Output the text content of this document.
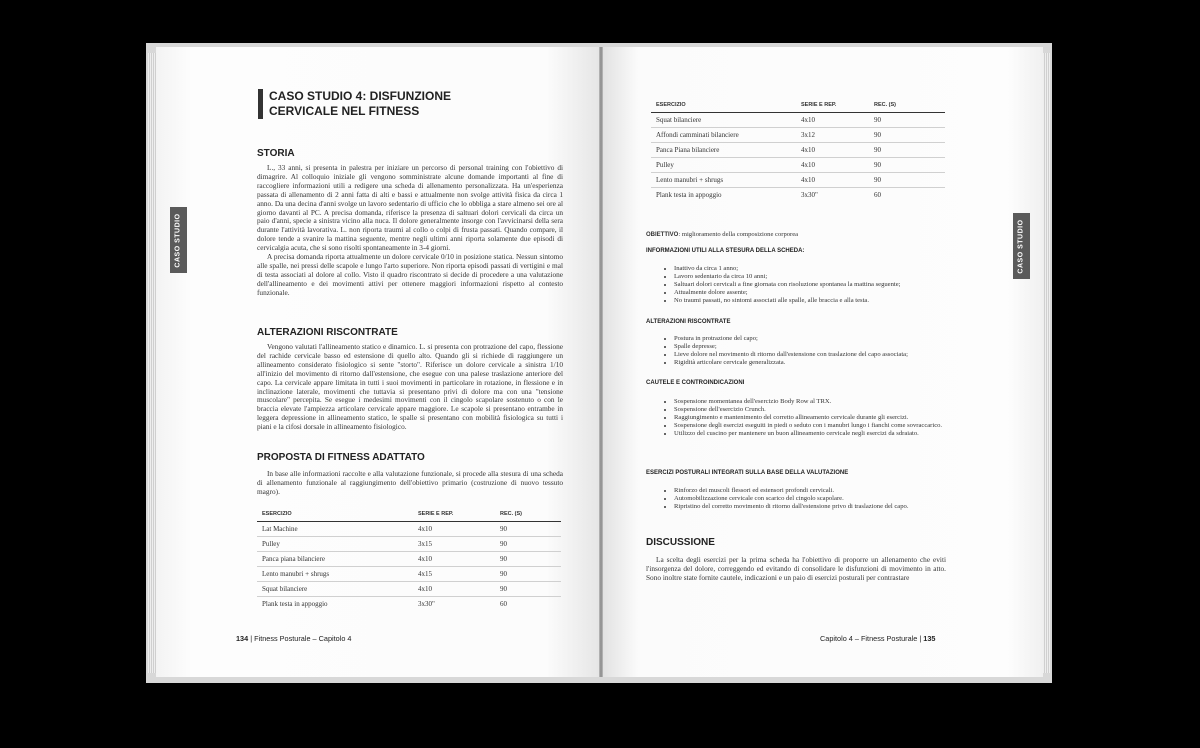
CASO STUDIO
CASO STUDIO 4: DISFUNZIONE
CERVICALE NEL FITNESS
STORIA

L., 33 anni, si presenta in palestra per iniziare un percorso di personal training con l'obiettivo di dimagrire. Al colloquio iniziale gli vengono somministrate alcune domande importanti al fine di raccogliere informazioni utili a redigere una scheda di allenamento personalizzata. Ha un'esperienza passata di allenamento di 2 anni fatta di alti e bassi e attualmente non svolge attività fisica da circa 1 anno. Da una decina d'anni svolge un lavoro sedentario di ufficio che lo obbliga a stare almeno sei ore al giorno davanti al PC. A precisa domanda, riferisce la presenza di saltuari dolori cervicali da circa un paio d'anni, specie a sinistra vicino alla nuca. Il dolore generalmente insorge con l'avvicinarsi della sera durante l'attività lavorativa. L. non riporta traumi al collo o colpi di frusta passati. Quando compare, il dolore tende a svanire la mattina seguente, mentre negli ultimi anni riporta solamente due episodi di cervicalgia acuta, che si sono risolti spontaneamente in 3-4 giorni.

A precisa domanda riporta attualmente un dolore cervicale 0/10 in posizione statica. Nessun sintomo alle spalle, nei pressi delle scapole e lungo l'arto superiore. Non riporta episodi passati di vertigini e mal di testa associati al dolore al collo. Visto il quadro riscontrato si decide di procedere a una valutazione dell'allineamento e dei movimenti attivi per ottenere maggiori informazioni rispetto al contesto funzionale.

ALTERAZIONI RISCONTRATE

Vengono valutati l'allineamento statico e dinamico. L. si presenta con protrazione del capo, flessione del rachide cervicale basso ed estensione di quello alto. Quando gli si richiede di raggiungere un allineamento considerato fisiologico si sente "storto". Riferisce un dolore cervicale a sinistra 1/10 all'inizio del movimento di ritorno dall'estensione, che esegue con una palese traslazione anteriore del capo. La cervicale appare limitata in tutti i suoi movimenti in particolare in rotazione, in flessione e in inclinazione laterale, movimenti che tuttavia si presentano privi di dolore ma con una "tensione muscolare" percepita. Se eseguе i medesimi movimenti con il cingolo scapolare sostenuto o con le braccia elevate l'ampiezza articolare cervicale appare maggiore. Le scapole si presentano entrambe in leggera depressione in allineamento statico, le spalle si presentano con mobilità fisiologica su tutti i piani e la cifosi dorsale in allineamento fisiologico.

PROPOSTA DI FITNESS ADATTATO

In base alle informazioni raccolte e alla valutazione funzionale, si procede alla stesura di una scheda di allenamento funzionale al raggiungimento dell'obiettivo primario (costruzione di nuovo tessuto magro).

ESERCIZIO	SERIE E REP.	REC. (S)
Lat Machine	4x10	90
Pulley	3x15	90
Panca piana bilanciere	4x10	90
Lento manubri + shrugs	4x15	90
Squat bilanciere	4x10	90
Plank testa in appoggio	3x30"	60
134 | Fitness Posturale – Capitolo 4
CASO STUDIO
ESERCIZIO	SERIE E REP.	REC. (S)
Squat bilanciere	4x10	90
Affondi camminati bilanciere	3x12	90
Panca Piana bilanciere	4x10	90
Pulley	4x10	90
Lento manubri + shrugs	4x10	90
Plank testa in appoggio	3x30"	60
OBIETTIVO: miglioramento della composizione corporea
INFORMAZIONI UTILI ALLA STESURA DELLA SCHEDA:
• Inattivo da circa 1 anno;
• Lavoro sedentario da circa 10 anni;
• Saltuari dolori cervicali a fine giornata con risoluzione spontanea la mattina seguente;
• Attualmente dolore assente;
• No traumi passati, no sintomi associati alle spalle, alle braccia e alla testa.
ALTERAZIONI RISCONTRATE
• Postura in protrazione del capo;
• Spalle depresse;
• Lieve dolore nel movimento di ritorno dall'estensione con traslazione del capo associata;
• Rigidità articolare cervicale generalizzata.
CAUTELE E CONTROINDICAZIONI
• Sospensione momentanea dell'esercizio Body Row al TRX.
• Sospensione dell'esercizio Crunch.
• Raggiungimento e mantenimento del corretto allineamento cervicale durante gli esercizi.
• Sospensione degli esercizi eseguiti in piedi o seduto con i manubri lungo i fianchi come sovraccarico.
• Utilizzo del cuscino per mantenere un buon allineamento cervicale negli esercizi da sdraiato.
ESERCIZI POSTURALI INTEGRATI SULLA BASE DELLA VALUTAZIONE
• Rinforzo dei muscoli flessori ed estensori profondi cervicali.
• Automobilizzazione cervicale con scarico del cingolo scapolare.
• Ripristino del corretto movimento di ritorno dall'estensione privo di traslazione del capo.
DISCUSSIONE

La scelta degli esercizi per la prima scheda ha l'obiettivo di proporre un allenamento che eviti l'insorgenza del dolore, correggendo ed evitando di consolidare le disfunzioni di movimento in atto. Sono inoltre state fornite cautele, indicazioni e un paio di esercizi posturali per contrastare

Capitolo 4 – Fitness Posturale | 135
